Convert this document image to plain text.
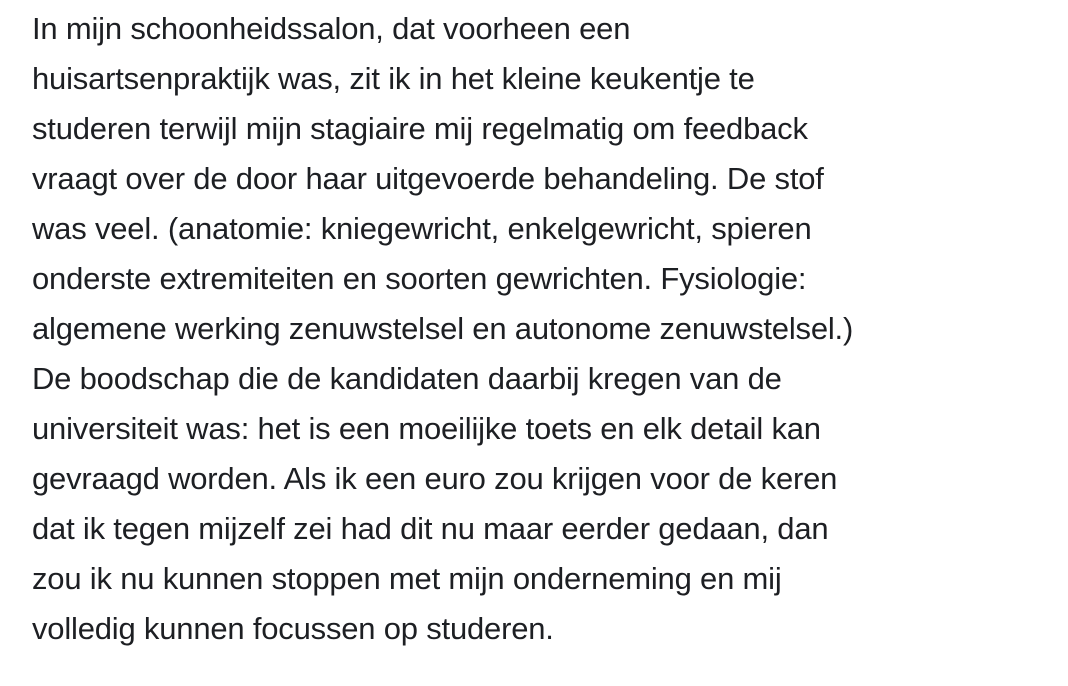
In mijn schoonheidssalon, dat voorheen een
huisartsenpraktijk was, zit ik in het kleine keukentje te
studeren terwijl mijn stagiaire mij regelmatig om feedback
vraagt over de door haar uitgevoerde behandeling. De stof
was veel. (anatomie: kniegewricht, enkelgewricht, spieren
onderste extremiteiten en soorten gewrichten. Fysiologie:
algemene werking zenuwstelsel en autonome zenuwstelsel.)
De boodschap die de kandidaten daarbij kregen van de
universiteit was: het is een moeilijke toets en elk detail kan
gevraagd worden. Als ik een euro zou krijgen voor de keren
dat ik tegen mijzelf zei had dit nu maar eerder gedaan, dan
zou ik nu kunnen stoppen met mijn onderneming en mij
volledig kunnen focussen op studeren.
